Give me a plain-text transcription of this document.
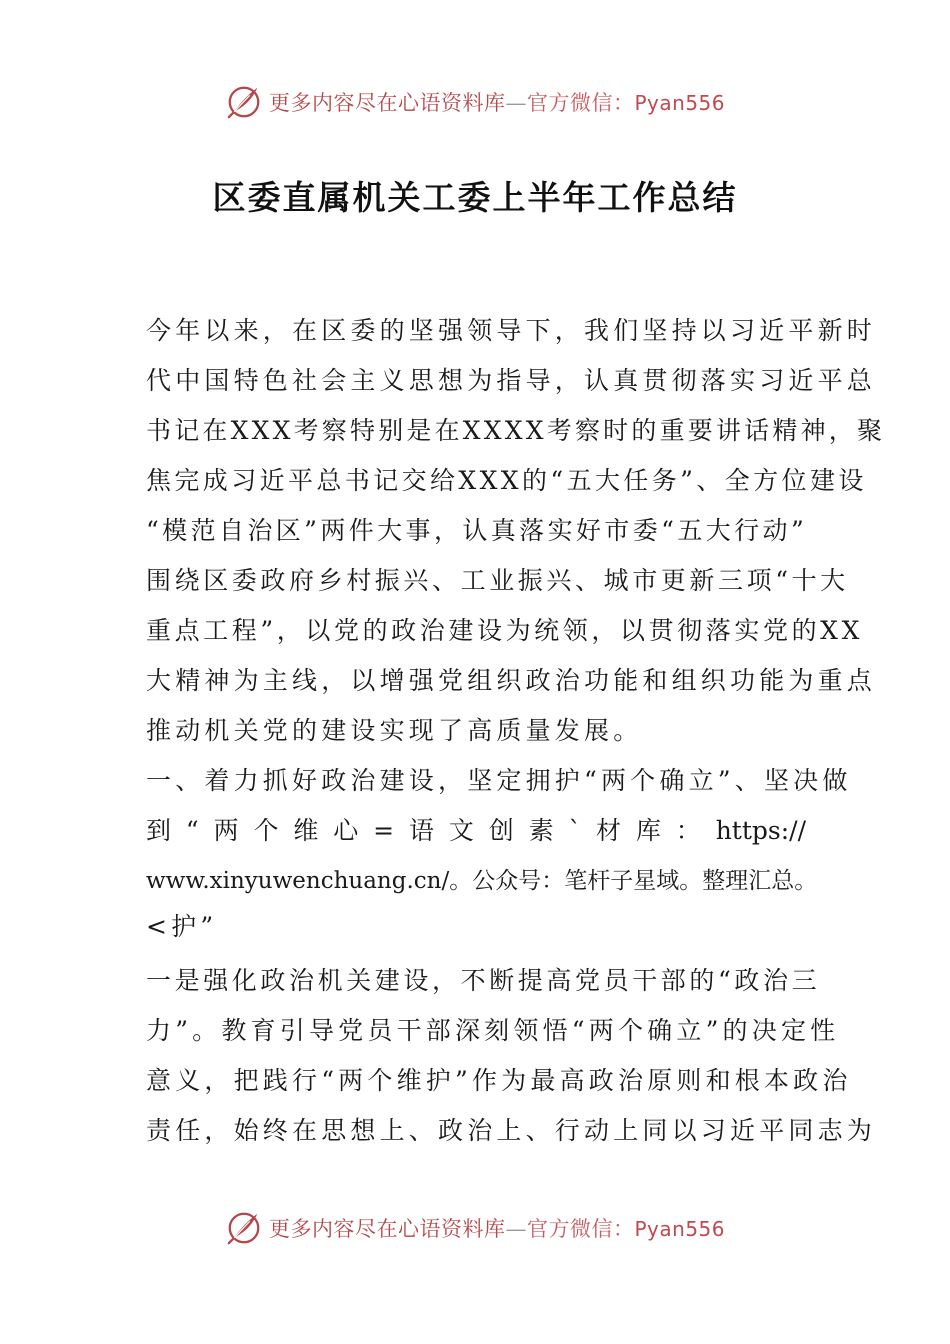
更多内容尽在心语资料库—官方微信：Pyan556
区委直属机关工委上半年工作总结
今年以来，在区委的坚强领导下，我们坚持以习近平新时
代中国特色社会主义思想为指导，认真贯彻落实习近平总
书记在XXX考察特别是在XXXX考察时的重要讲话精神，聚
焦完成习近平总书记交给XXX的“五大任务”、全方位建设
“模范自治区”两件大事，认真落实好市委“五大行动”
围绕区委政府乡村振兴、工业振兴、城市更新三项“十大
重点工程”，以党的政治建设为统领，以贯彻落实党的XX
大精神为主线，以增强党组织政治功能和组织功能为重点
推动机关党的建设实现了高质量发展。
一、着力抓好政治建设，坚定拥护“两个确立”、坚决做
到“两个维心=语文创素`材库：https://
www.xinyuwenchuang.cn/。公众号：笔杆子星域。整理汇总。
<护”
一是强化政治机关建设，不断提高党员干部的“政治三
力”。教育引导党员干部深刻领悟“两个确立”的决定性
意义，把践行“两个维护”作为最高政治原则和根本政治
责任，始终在思想上、政治上、行动上同以习近平同志为
更多内容尽在心语资料库—官方微信：Pyan556
